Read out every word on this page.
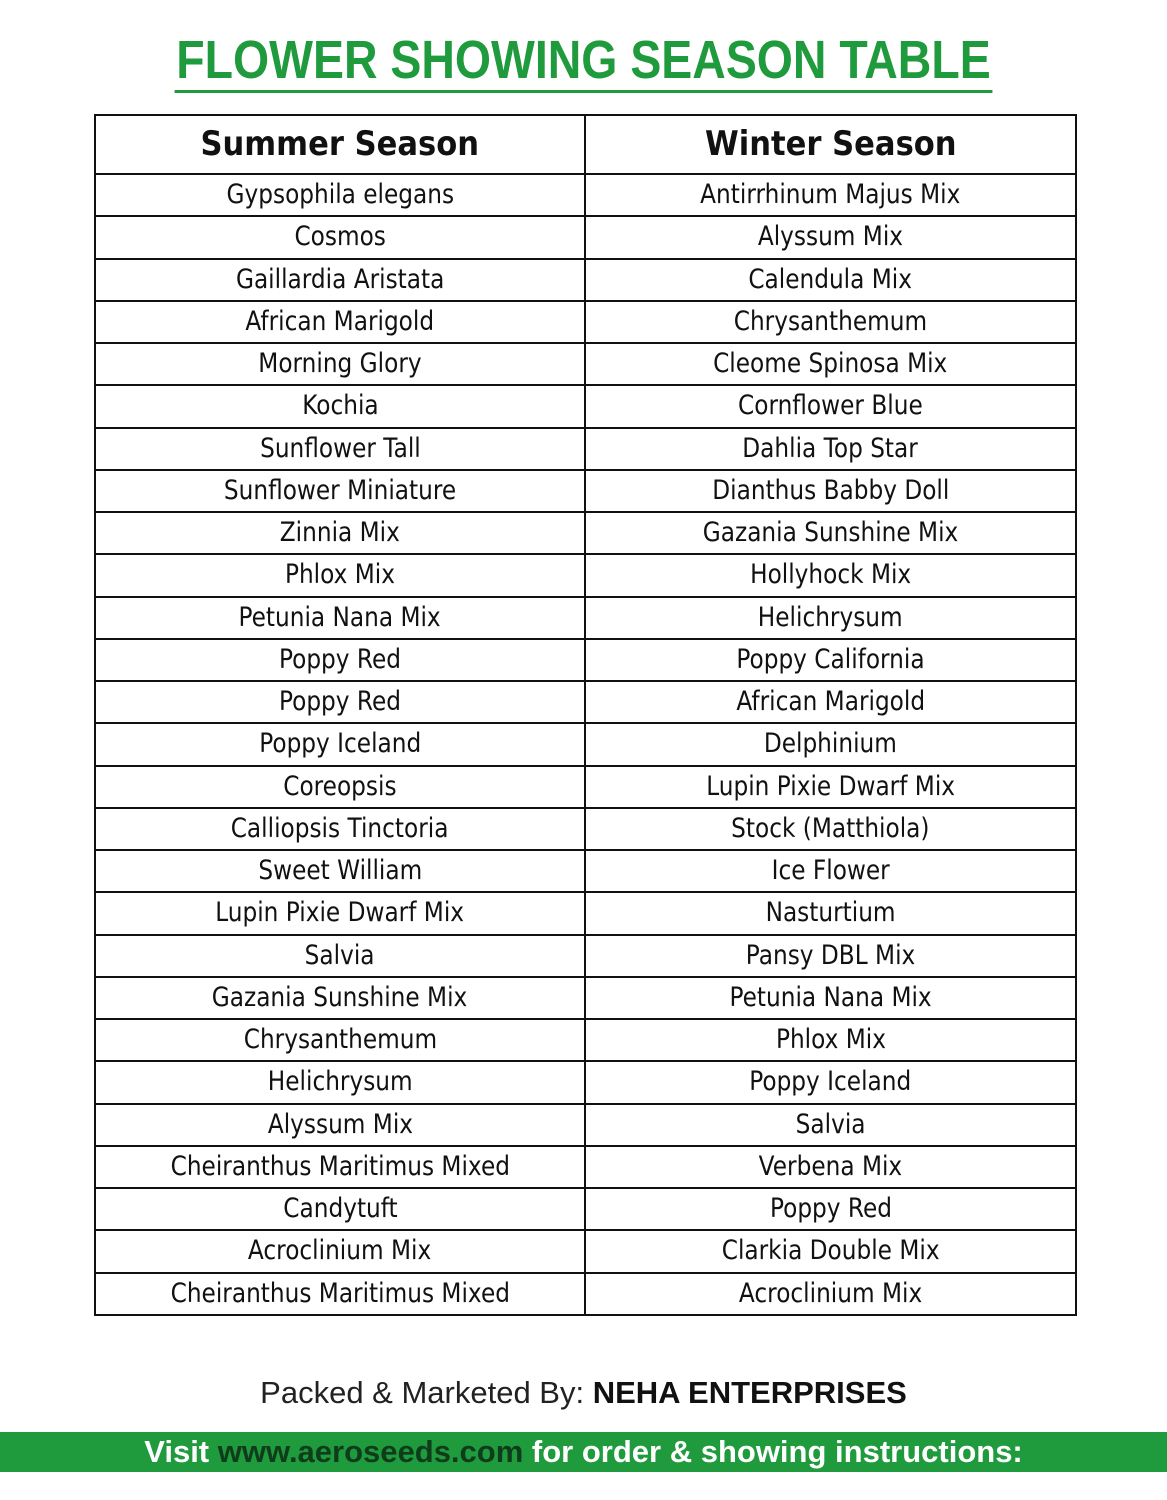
FLOWER SHOWING SEASON TABLE
Summer Season	Winter Season
Gypsophila elegans	Antirrhinum Majus Mix
Cosmos	Alyssum Mix
Gaillardia Aristata	Calendula Mix
African Marigold	Chrysanthemum
Morning Glory	Cleome Spinosa Mix
Kochia	Cornflower Blue
Sunflower Tall	Dahlia Top Star
Sunflower Miniature	Dianthus Babby Doll
Zinnia Mix	Gazania Sunshine Mix
Phlox Mix	Hollyhock Mix
Petunia Nana Mix	Helichrysum
Poppy Red	Poppy California
Poppy Red	African Marigold
Poppy Iceland	Delphinium
Coreopsis	Lupin Pixie Dwarf Mix
Calliopsis Tinctoria	Stock (Matthiola)
Sweet William	Ice Flower
Lupin Pixie Dwarf Mix	Nasturtium
Salvia	Pansy DBL Mix
Gazania Sunshine Mix	Petunia Nana Mix
Chrysanthemum	Phlox Mix
Helichrysum	Poppy Iceland
Alyssum Mix	Salvia
Cheiranthus Maritimus Mixed	Verbena Mix
Candytuft	Poppy Red
Acroclinium Mix	Clarkia Double Mix
Cheiranthus Maritimus Mixed	Acroclinium Mix
Packed & Marketed By: NEHA ENTERPRISES
Visit www.aeroseeds.com for order & showing instructions:
